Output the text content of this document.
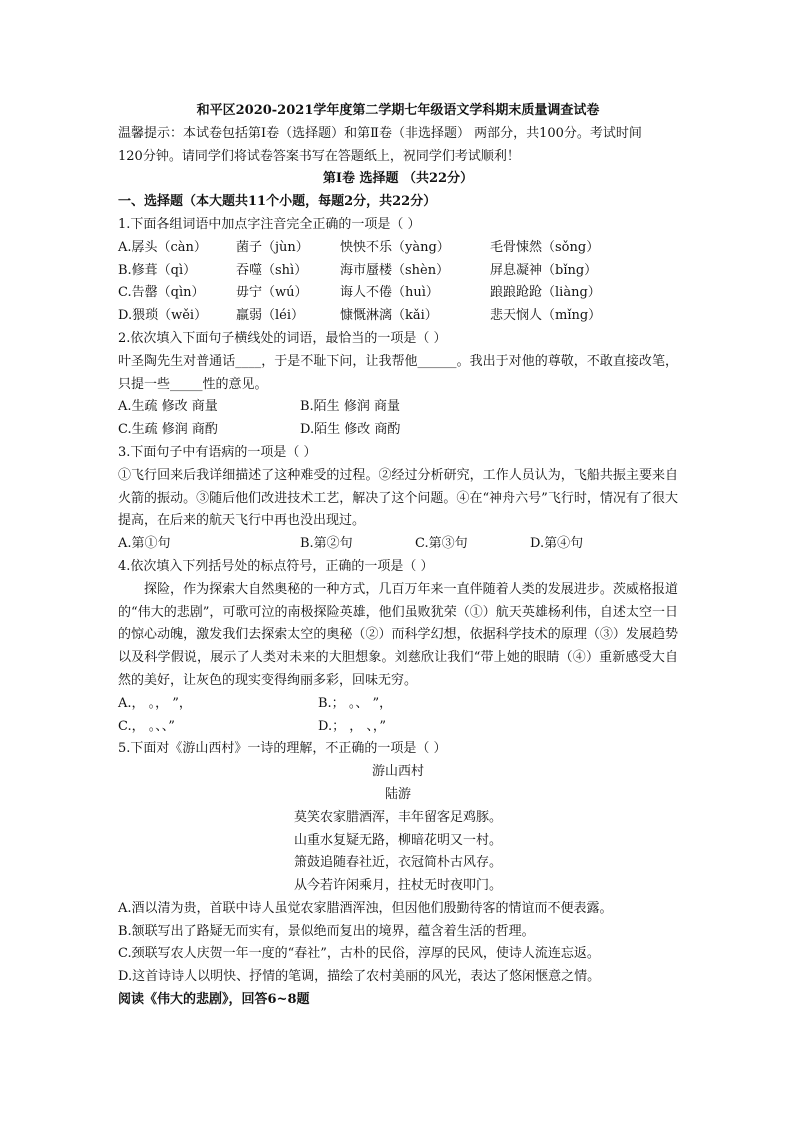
和平区2020-2021学年度第二学期七年级语文学科期末质量调查试卷
温馨提示：本试卷包括第Ⅰ卷（选择题）和第Ⅱ卷（非选择题） 两部分，共100分。考试时间
120分钟。请同学们将试卷答案书写在答题纸上，祝同学们考试顺利！
第Ⅰ卷 选择题 （共22分）
一、选择题（本大题共11个小题，每题2分，共22分）
1.下面各组词语中加点字注音完全正确的一项是（ ）
A.孱头（càn）	菌子（jùn）	怏怏不乐（yàng）	毛骨悚然（sǒng）
B.修葺（qì）	吞噬（shì）	海市蜃楼（shèn）	屏息凝神（bǐng）
C.告罄（qìn）	毋宁（wú）	诲人不倦（huì）	踉踉跄跄（liàng）
D.猥琐（wěi）	羸弱（léi）	慷慨淋漓（kǎi）	悲天悯人（mǐng）
2.依次填入下面句子横线处的词语，最恰当的一项是（ ）
叶圣陶先生对普通话____，于是不耻下问，让我帮他______。我出于对他的尊敬，不敢直接改笔，只提一些_____性的意见。
A.生疏 修改 商量	B.陌生 修润 商量
C.生疏 修润 商酌	D.陌生 修改 商酌
3.下面句子中有语病的一项是（ ）
①飞行回来后我详细描述了这种难受的过程。②经过分析研究，工作人员认为，飞船共振主要来自火箭的振动。③随后他们改进技术工艺，解决了这个问题。④在“神舟六号”飞行时，情况有了很大提高，在后来的航天飞行中再也没出现过。
A.第①句	B.第②句	C.第③句	D.第④句
4.依次填入下列括号处的标点符号，正确的一项是（ ）
探险，作为探索大自然奥秘的一种方式，几百万年来一直伴随着人类的发展进步。茨威格报道的“伟大的悲剧”，可歌可泣的南极探险英雄，他们虽败犹荣（①）航天英雄杨利伟，自述太空一日的惊心动魄，激发我们去探索太空的奥秘（②）而科学幻想，依据科学技术的原理（③）发展趋势以及科学假说，展示了人类对未来的大胆想象。刘慈欣让我们“带上她的眼睛（④）重新感受大自然的美好，让灰色的现实变得绚丽多彩，回味无穷。
A.， 。， ”，	B.； 。、 ”，
C.， 。、、”	D.； ， 、，”
5.下面对《游山西村》一诗的理解，不正确的一项是（ ）
游山西村
陆游
莫笑农家腊酒浑，丰年留客足鸡豚。
山重水复疑无路，柳暗花明又一村。
箫鼓追随春社近，衣冠简朴古风存。
从今若许闲乘月，拄杖无时夜叩门。
A.酒以清为贵，首联中诗人虽觉农家腊酒浑浊，但因他们殷勤待客的情谊而不便表露。
B.颔联写出了路疑无而实有，景似绝而复出的境界，蕴含着生活的哲理。
C.颈联写农人庆贺一年一度的“春社”，古朴的民俗，淳厚的民风，使诗人流连忘返。
D.这首诗诗人以明快、抒情的笔调，描绘了农村美丽的风光，表达了悠闲惬意之情。
阅读《伟大的悲剧》，回答6~8题
